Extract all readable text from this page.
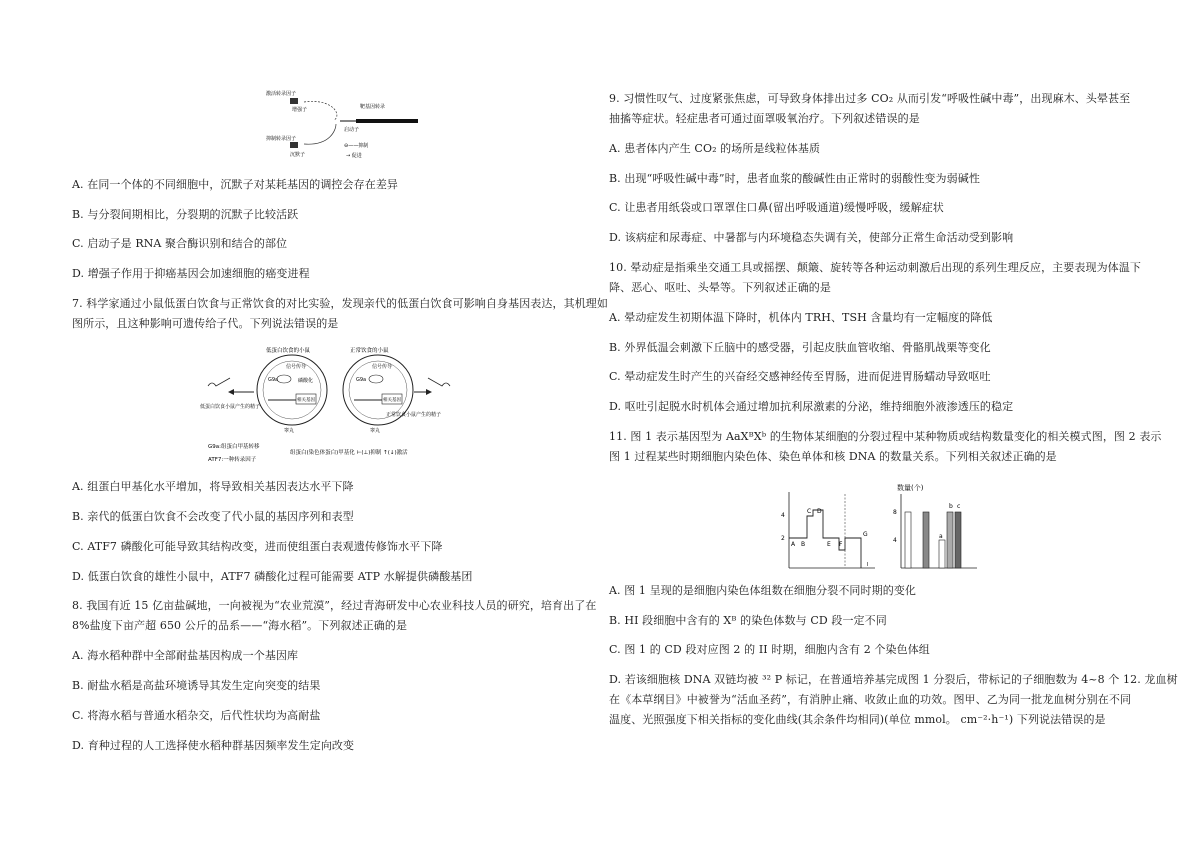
激活转录因子
增强子	靶基因转录
启动子
抑制转录因子
沉默子
⊖——抑制
→ 促进
A. 在同一个体的不同细胞中，沉默子对某耗基因的调控会存在差异
B. 与分裂间期相比，分裂期的沉默子比较活跃
C. 启动子是 RNA 聚合酶识别和结合的部位
D. 增强子作用于抑癌基因会加速细胞的癌变进程
7. 科学家通过小鼠低蛋白饮食与正常饮食的对比实验，发现亲代的低蛋白饮食可影响自身基因表达，其机理如
图所示，且这种影响可遗传给子代。下列说法错误的是
低蛋白饮食的小鼠	正常饮食的小鼠
信号传导	信号传导
G9a	G9a
磷酸化
相关基因	相关基因
睾丸	睾丸
低蛋白饮食小鼠产生的精子
正常饮食小鼠产生的精子
G9a:组蛋白甲基转移
ATF7:一种转录因子
组蛋白(染色体蛋白)甲基化 ⊢(⊥)抑制 ↑(↓)激活
A. 组蛋白甲基化水平增加，将导致相关基因表达水平下降
B. 亲代的低蛋白饮食不会改变了代小鼠的基因序列和表型
C. ATF7 磷酸化可能导致其结构改变，进而使组蛋白表观遗传修饰水平下降
D. 低蛋白饮食的雄性小鼠中，ATF7 磷酸化过程可能需要 ATP 水解提供磷酸基团
8. 我国有近 15 亿亩盐碱地，一向被视为“农业荒漠”，经过青海研发中心农业科技人员的研究，培育出了在
8%盐度下亩产超 650 公斤的品系——“海水稻”。下列叙述正确的是
A. 海水稻种群中全部耐盐基因构成一个基因库
B. 耐盐水稻是高盐环境诱导其发生定向突变的结果
C. 将海水稻与普通水稻杂交，后代性状均为高耐盐
D. 育种过程的人工选择使水稻种群基因频率发生定向改变
9. 习惯性叹气、过度紧张焦虑，可导致身体排出过多 CO₂ 从而引发“呼吸性碱中毒”，出现麻木、头晕甚至
抽搐等症状。轻症患者可通过面罩吸氧治疗。下列叙述错误的是
A. 患者体内产生 CO₂ 的场所是线粒体基质
B. 出现“呼吸性碱中毒”时，患者血浆的酸碱性由正常时的弱酸性变为弱碱性
C. 让患者用纸袋或口罩罩住口鼻(留出呼吸通道)缓慢呼吸，缓解症状
D. 该病症和尿毒症、中暑都与内环境稳态失调有关，使部分正常生命活动受到影响
10. 晕动症是指乘坐交通工具或摇摆、颠簸、旋转等各种运动刺激后出现的系列生理反应，主要表现为体温下
降、恶心、呕吐、头晕等。下列叙述正确的是
A. 晕动症发生初期体温下降时，机体内 TRH、TSH 含量均有一定幅度的降低
B. 外界低温会刺激下丘脑中的感受器，引起皮肤血管收缩、骨骼肌战栗等变化
C. 晕动症发生时产生的兴奋经交感神经传至胃肠，进而促进胃肠蠕动导致呕吐
D. 呕吐引起脱水时机体会通过增加抗利尿激素的分泌，维持细胞外液渗透压的稳定
11. 图 1 表示基因型为 AaXᴮXᵇ 的生物体某细胞的分裂过程中某种物质或结构数量变化的相关模式图，图 2 表示
图 1 过程某些时期细胞内染色体、染色单体和核 DNA 的数量关系。下列相关叙述正确的是
4
2
A B
C D
E F
G
I
数量(个)
8
4
a
b c
A. 图 1 呈现的是细胞内染色体组数在细胞分裂不同时期的变化
B. HI 段细胞中含有的 Xᴮ 的染色体数与 CD 段一定不同
C. 图 1 的 CD 段对应图 2 的 II 时期，细胞内含有 2 个染色体组
D. 若该细胞核 DNA 双链均被 ³² P 标记，在普通培养基完成图 1 分裂后，带标记的子细胞数为 4~8 个 12. 龙血树
在《本草纲目》中被誉为“活血圣药”，有消肿止痛、收敛止血的功效。图甲、乙为同一批龙血树分别在不同
温度、光照强度下相关指标的变化曲线(其余条件均相同)(单位 mmol。 cm⁻²·h⁻¹) 下列说法错误的是
